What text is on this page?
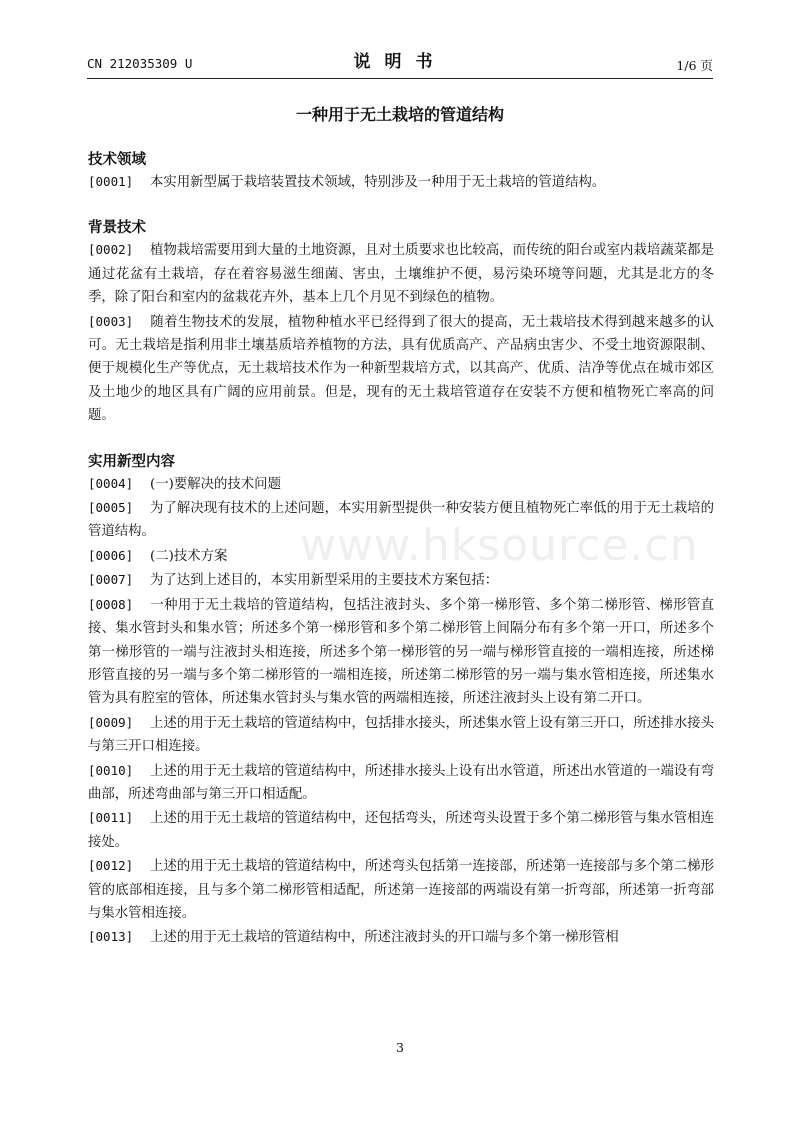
CN 212035309 U	说明书	1/6 页
一种用于无土栽培的管道结构

技术领域

[0001] 本实用新型属于栽培装置技术领域，特别涉及一种用于无土栽培的管道结构。

背景技术

[0002] 植物栽培需要用到大量的土地资源，且对土质要求也比较高，而传统的阳台或室内栽培蔬菜都是通过花盆有土栽培，存在着容易滋生细菌、害虫，土壤维护不便，易污染环境等问题，尤其是北方的冬季，除了阳台和室内的盆栽花卉外，基本上几个月见不到绿色的植物。

[0003] 随着生物技术的发展，植物种植水平已经得到了很大的提高，无土栽培技术得到越来越多的认可。无土栽培是指利用非土壤基质培养植物的方法，具有优质高产、产品病虫害少、不受土地资源限制、便于规模化生产等优点，无土栽培技术作为一种新型栽培方式，以其高产、优质、洁净等优点在城市郊区及土地少的地区具有广阔的应用前景。但是，现有的无土栽培管道存在安装不方便和植物死亡率高的问题。

实用新型内容

[0004] (一)要解决的技术问题

[0005] 为了解决现有技术的上述问题，本实用新型提供一种安装方便且植物死亡率低的用于无土栽培的管道结构。

[0006] (二)技术方案

[0007] 为了达到上述目的，本实用新型采用的主要技术方案包括：

[0008] 一种用于无土栽培的管道结构，包括注液封头、多个第一梯形管、多个第二梯形管、梯形管直接、集水管封头和集水管；所述多个第一梯形管和多个第二梯形管上间隔分布有多个第一开口，所述多个第一梯形管的一端与注液封头相连接，所述多个第一梯形管的另一端与梯形管直接的一端相连接，所述梯形管直接的另一端与多个第二梯形管的一端相连接，所述第二梯形管的另一端与集水管相连接，所述集水管为具有腔室的管体，所述集水管封头与集水管的两端相连接，所述注液封头上设有第二开口。

[0009] 上述的用于无土栽培的管道结构中，包括排水接头，所述集水管上设有第三开口，所述排水接头与第三开口相连接。

[0010] 上述的用于无土栽培的管道结构中，所述排水接头上设有出水管道，所述出水管道的一端设有弯曲部，所述弯曲部与第三开口相适配。

[0011] 上述的用于无土栽培的管道结构中，还包括弯头，所述弯头设置于多个第二梯形管与集水管相连接处。

[0012] 上述的用于无土栽培的管道结构中，所述弯头包括第一连接部，所述第一连接部与多个第二梯形管的底部相连接，且与多个第二梯形管相适配，所述第一连接部的两端设有第一折弯部，所述第一折弯部与集水管相连接。

[0013] 上述的用于无土栽培的管道结构中，所述注液封头的开口端与多个第一梯形管相

www.hksource.cn
3
